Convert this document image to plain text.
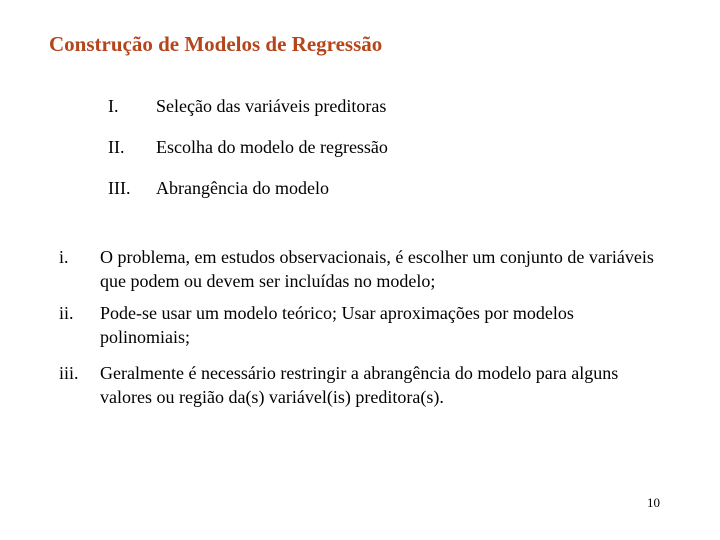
Construção de Modelos de Regressão
I. Seleção das variáveis preditoras
II. Escolha do modelo de regressão
III. Abrangência do modelo
i. O problema, em estudos observacionais, é escolher um conjunto de variáveis que podem ou devem ser incluídas no modelo;
ii. Pode-se usar um modelo teórico; Usar aproximações por modelos polinomiais;
iii. Geralmente é necessário restringir a abrangência do modelo para alguns valores ou região da(s) variável(is) preditora(s).
10
